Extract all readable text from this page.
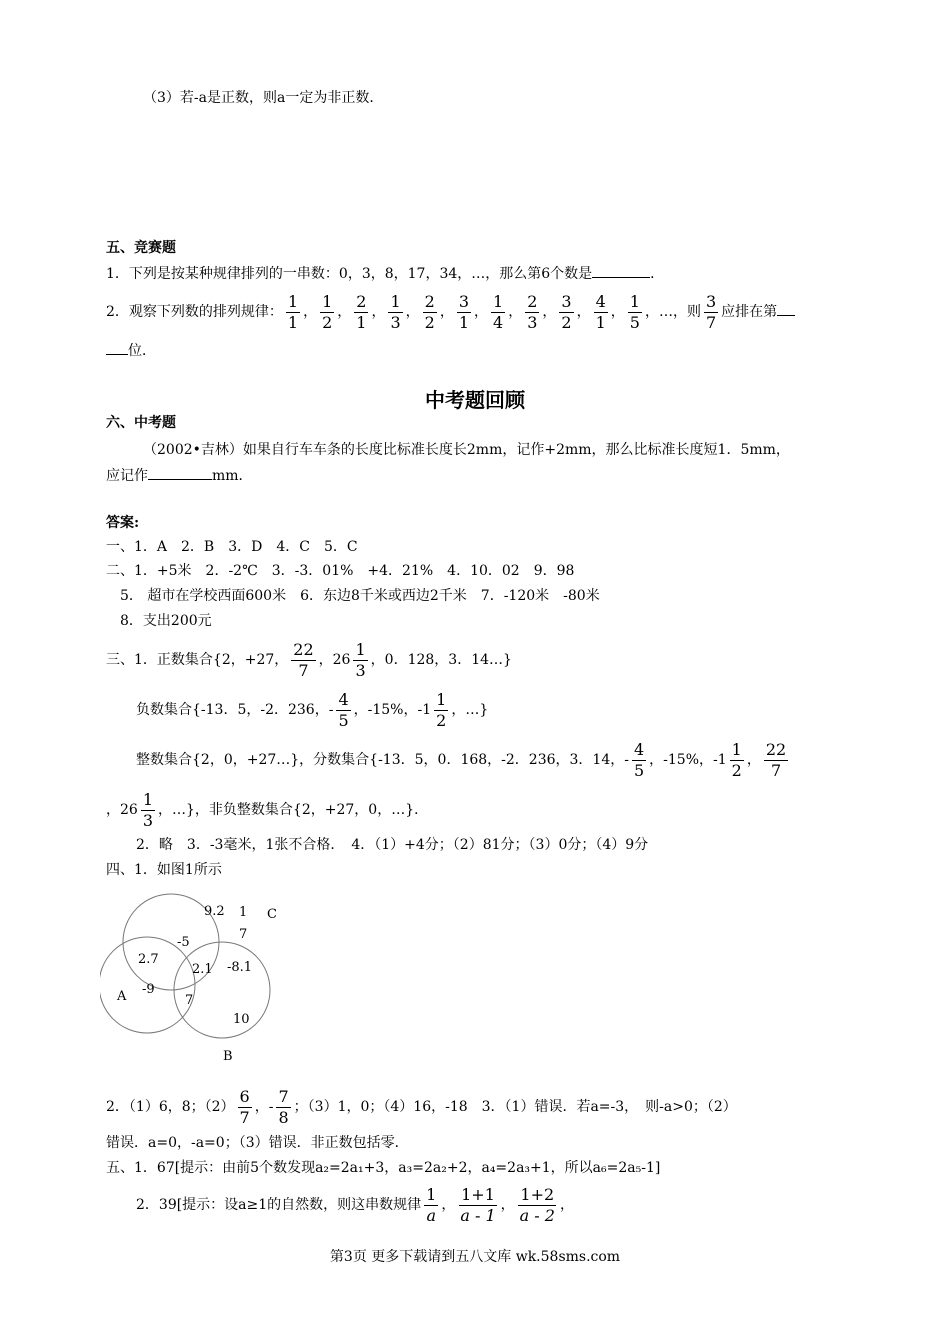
（3）若-a是正数，则a一定为非正数．
五、竞赛题
1．下列是按某种规律排列的一串数：0，3，8，17，34，…，那么第6个数是	．
2．观察下列数的排列规律： $\frac{1}{1}$ ， $\frac{1}{2}$ ， $\frac{2}{1}$ ， $\frac{1}{3}$ ， $\frac{2}{2}$ ， $\frac{3}{1}$ ， $\frac{1}{4}$ ， $\frac{2}{3}$ ， $\frac{3}{2}$ ， $\frac{4}{1}$ ， $\frac{1}{5}$ ，…，则 $\frac{3}{7}$ 应排在第
位．
中考题回顾
六、中考题
（2002•吉林）如果自行车车条的长度比标准长度长2mm，记作+2mm，那么比标准长度短1．5mm，
应记作	mm．
答案:
一、1．A　2．B　3．D　4．C　5．C
二、1．+5米　2．-2℃　3．-3．01%　+4．21%　4．10．02　9．98
5． 超市在学校西面600米　6．东边8千米或西边2千米　7．-120米　-80米
8．支出200元
三、1．正数集合{2，+27， $\frac{22}{7}$ ，$26 \frac{1}{3}$ ，0．128，3．14…}
负数集合{-13．5，-2．236，- $\frac{4}{5}$ ，-15%，$-1 \frac{1}{2}$ ，…}
整数集合{2，0，+27…}，分数集合{-13．5，0．168，-2．236，3．14，- $\frac{4}{5}$ ，-15%，$-1 \frac{1}{2}$ ， $\frac{22}{7}$
，$26 \frac{1}{3}$ ，…}，非负整数集合{2，+27，0，…}．
2．略　3．-3毫米，1张不合格．　4．（1）+4分；（2）81分；（3）0分；（4）9分
四、1．如图1所示
C
A
B
9.2 1
7
-5
2.7
2.1 -8.1
-9
7
10
2．（1）6，8；$(2) \frac{6}{7}$ ，- $\frac{7}{8}$ ；（3）1，0；（4）16，-18　3．（1）错误．若a=-3，　则-a>0；（2）
错误．a=0，-a=0；（3）错误．非正数包括零．
五、1．67[提示：由前5个数发现a₂=2a₁+3，a₃=2a₂+2，a₄=2a₃+1，所以a₆=2a₅-1]
2．39[提示：设a≥1的自然数，则这串数规律 $\frac{1}{a}$ ， $\frac{1+1}{a - 1}$ ， $\frac{1+2}{a - 2}$ ，
第3页 更多下载请到五八文库 wk.58sms.com
